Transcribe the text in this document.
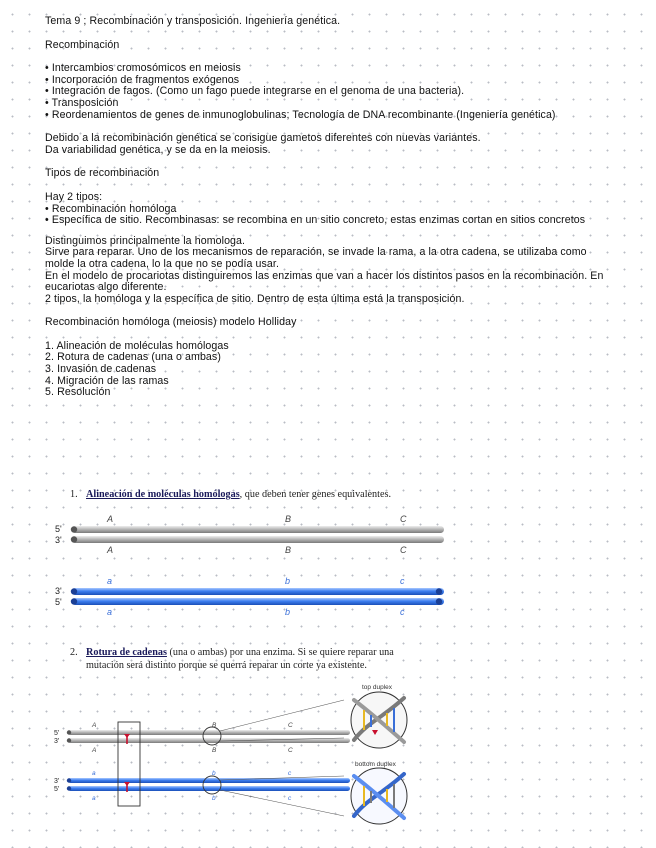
Tema 9 ; Recombinación y transposición. Ingeniería genética.

Recombinación

• Intercambios cromosómicos en meiosis

• Incorporación de fragmentos exógenos

• Integración de fagos. (Como un fago puede integrarse en el genoma de una bacteria).

• Transposición

• Reordenamientos de genes de inmunoglobulinas; Tecnología de DNA recombinante (Ingeniería genética)

Debido a la recombinación genética se consigue gametos diferentes con nuevas variantes.

Da variabilidad genética, y se da en la meiosis.

Tipos de recombinación

Hay 2 tipos:

• Recombinación homóloga

• Específica de sitio. Recombinasas: se recombina en un sitio concreto, estas enzimas cortan en sitios concretos

Distinguimos principalmente la homologa.

Sirve para reparar. Uno de los mecanismos de reparación, se invade la rama, a la otra cadena, se utilizaba como molde la otra cadena, lo la que no se podía usar.

En el modelo de procariotas distinguiremos las enzimas que van a hacer los distintos pasos en la recombinación. En eucariotas algo diferente.

2 tipos, la homóloga y la específica de sitio. Dentro de esta última está la transposición.

Recombinación homóloga (meiosis) modelo Holliday

1. Alineación de moléculas homólogas

2. Rotura de cadenas (una o ambas)

3. Invasión de cadenas

4. Migración de las ramas

5. Resolución

1. Alineación de moléculas homólogas, que deben tener genes equivalentes.
5'
3'
A	B	C
A	B	C
3'
5'
a	b	c
a	b	c
2. Rotura de cadenas (una o ambas) por una enzima. Si se quiere reparar una
mutación será distinto porque se querrá reparar un corte ya existente.
top duplex
bottom duplex
5'
3'
A	B	C
A	B	C
3'
5'
a	b	c
a	b	c
